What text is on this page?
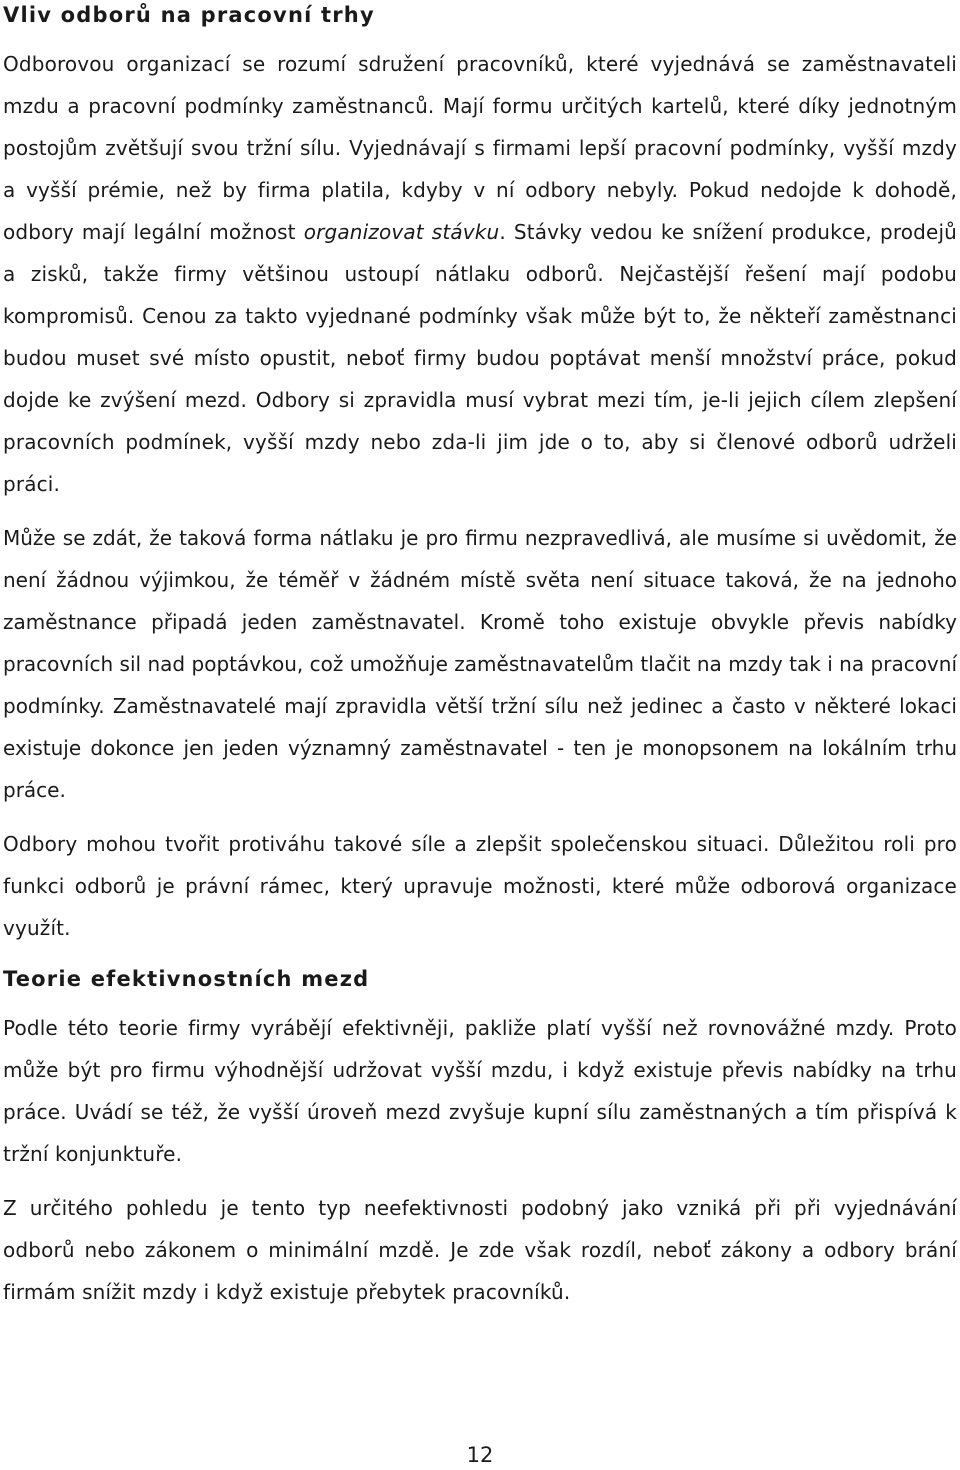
Vliv odborů na pracovní trhy

Odborovou organizací se rozumí sdružení pracovníků, které vyjednává se zaměstnavateli mzdu a pracovní podmínky zaměstnanců. Mají formu určitých kartelů, které díky jednotným postojům zvětšují svou tržní sílu. Vyjednávají s firmami lepší pracovní podmínky, vyšší mzdy a vyšší prémie, než by firma platila, kdyby v ní odbory nebyly. Pokud nedojde k dohodě, odbory mají legální možnost organizovat stávku. Stávky vedou ke snížení produkce, prodejů a zisků, takže firmy většinou ustoupí nátlaku odborů. Nejčastější řešení mají podobu kompromisů. Cenou za takto vyjednané podmínky však může být to, že někteří zaměstnanci budou muset své místo opustit, neboť firmy budou poptávat menší množství práce, pokud dojde ke zvýšení mezd. Odbory si zpravidla musí vybrat mezi tím, je-li jejich cílem zlepšení pracovních podmínek, vyšší mzdy nebo zda-li jim jde o to, aby si členové odborů udrželi práci.

Může se zdát, že taková forma nátlaku je pro firmu nezpravedlivá, ale musíme si uvědomit, že není žádnou výjimkou, že téměř v žádném místě světa není situace taková, že na jednoho zaměstnance připadá jeden zaměstnavatel. Kromě toho existuje obvykle převis nabídky pracovních sil nad poptávkou, což umožňuje zaměstnavatelům tlačit na mzdy tak i na pracovní podmínky. Zaměstnavatelé mají zpravidla větší tržní sílu než jedinec a často v některé lokaci existuje dokonce jen jeden významný zaměstnavatel - ten je monopsonem na lokálním trhu práce.

Odbory mohou tvořit protiváhu takové síle a zlepšit společenskou situaci. Důležitou roli pro funkci odborů je právní rámec, který upravuje možnosti, které může odborová organizace využít.

Teorie efektivnostních mezd

Podle této teorie firmy vyrábějí efektivněji, pakliže platí vyšší než rovnovážné mzdy. Proto může být pro firmu výhodnější udržovat vyšší mzdu, i když existuje převis nabídky na trhu práce. Uvádí se též, že vyšší úroveň mezd zvyšuje kupní sílu zaměstnaných a tím přispívá k tržní konjunktuře.

Z určitého pohledu je tento typ neefektivnosti podobný jako vzniká při při vyjednávání odborů nebo zákonem o minimální mzdě. Je zde však rozdíl, neboť zákony a odbory brání firmám snížit mzdy i když existuje přebytek pracovníků.

12
